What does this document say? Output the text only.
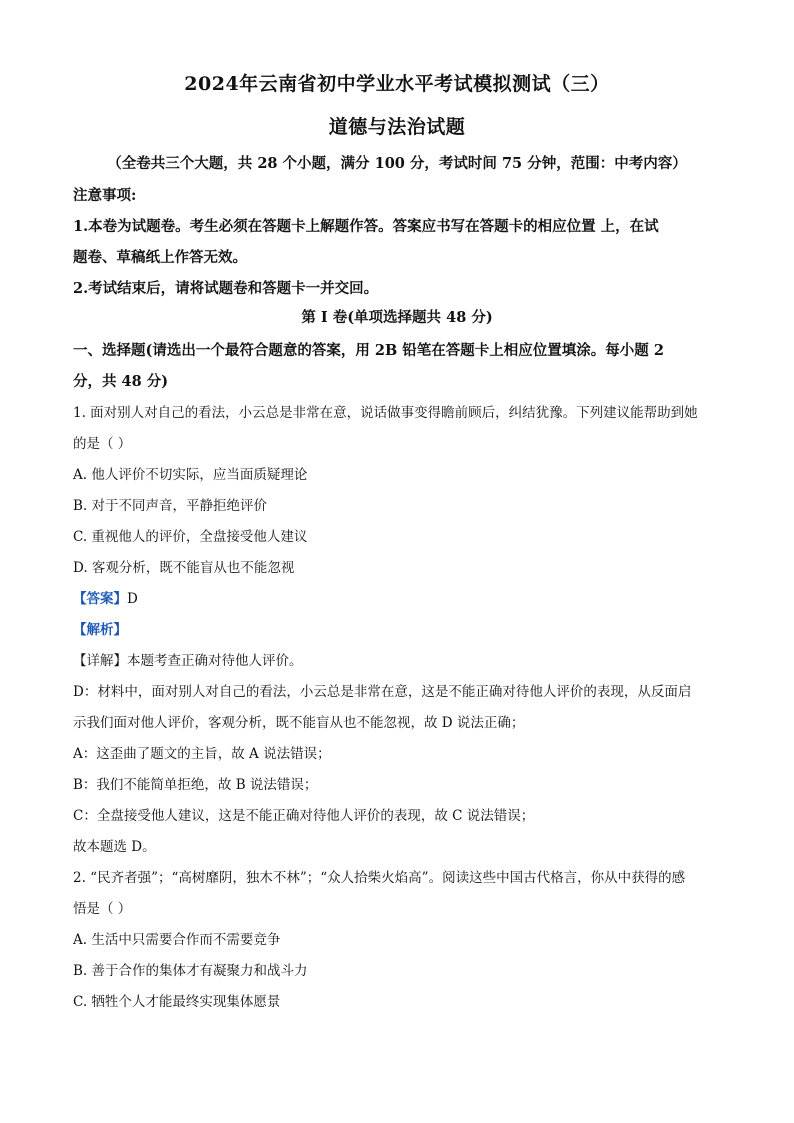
2024年云南省初中学业水平考试模拟测试（三）
道德与法治试题
（全卷共三个大题，共 28 个小题，满分 100 分，考试时间 75 分钟，范围：中考内容）
注意事项:
1.本卷为试题卷。考生必须在答题卡上解题作答。答案应书写在答题卡的相应位置 上，在试
题卷、草稿纸上作答无效。
2.考试结束后，请将试题卷和答题卡一并交回。
第 I 卷(单项选择题共 48 分)
一、选择题(请选出一个最符合题意的答案，用 2B 铅笔在答题卡上相应位置填涂。每小题 2
分，共 48 分)
1. 面对别人对自己的看法，小云总是非常在意，说话做事变得瞻前顾后，纠结犹豫。下列建议能帮助到她
的是（ ）
A. 他人评价不切实际，应当面质疑理论
B. 对于不同声音，平静拒绝评价
C. 重视他人的评价，全盘接受他人建议
D. 客观分析，既不能盲从也不能忽视
【答案】D
【解析】
【详解】本题考查正确对待他人评价。
D：材料中，面对别人对自己的看法，小云总是非常在意，这是不能正确对待他人评价的表现，从反面启
示我们面对他人评价，客观分析，既不能盲从也不能忽视，故 D 说法正确；
A：这歪曲了题文的主旨，故 A 说法错误；
B：我们不能简单拒绝，故 B 说法错误；
C：全盘接受他人建议，这是不能正确对待他人评价的表现，故 C 说法错误；
故本题选 D。
2. “民齐者强”；“高树靡阴，独木不林”；“众人拾柴火焰高”。阅读这些中国古代格言，你从中获得的感
悟是（ ）
A. 生活中只需要合作而不需要竞争
B. 善于合作的集体才有凝聚力和战斗力
C. 牺牲个人才能最终实现集体愿景
